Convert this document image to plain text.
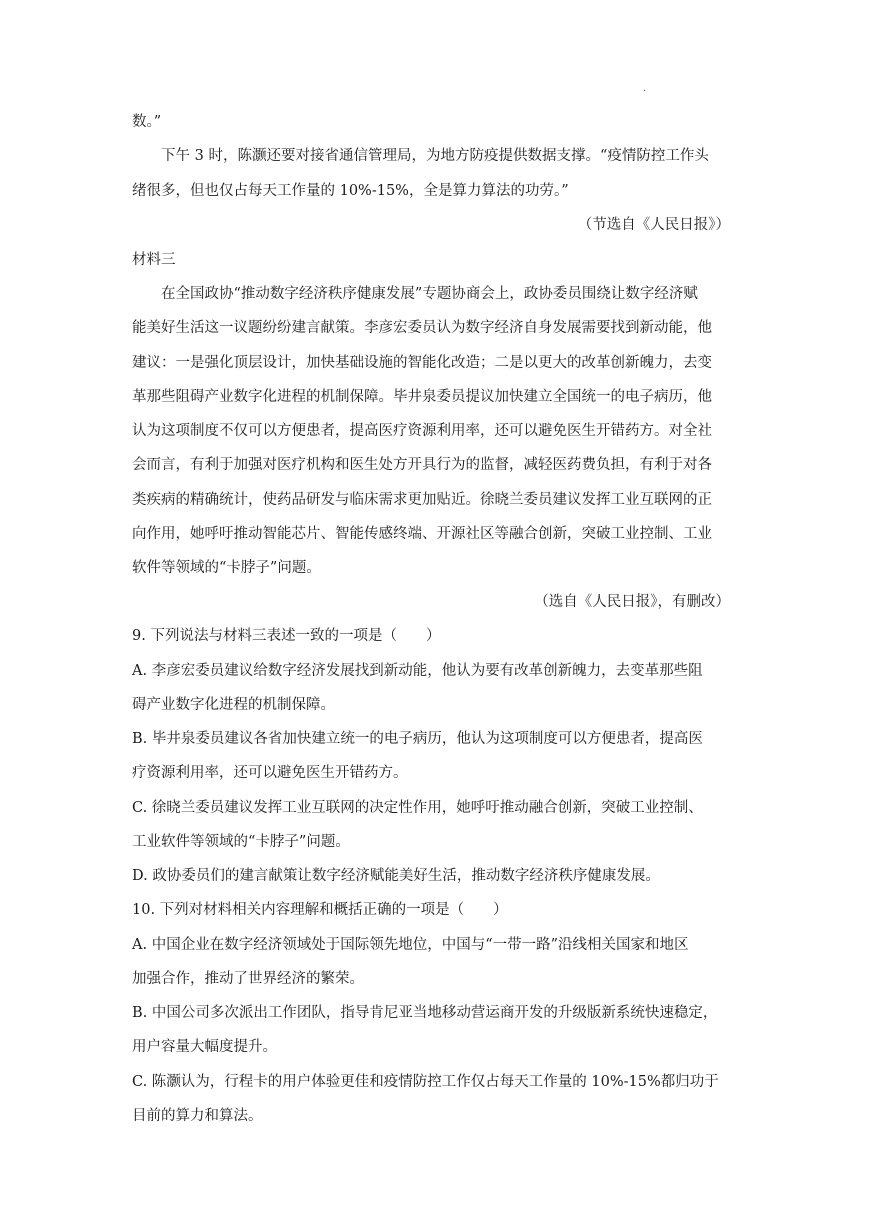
.
数。”
下午 3 时，陈灏还要对接省通信管理局，为地方防疫提供数据支撑。“疫情防控工作头
绪很多，但也仅占每天工作量的 10%-15%，全是算力算法的功劳。”
（节选自《人民日报》）
材料三
在全国政协“推动数字经济秩序健康发展”专题协商会上，政协委员围绕让数字经济赋
能美好生活这一议题纷纷建言献策。李彦宏委员认为数字经济自身发展需要找到新动能，他
建议：一是强化顶层设计，加快基础设施的智能化改造；二是以更大的改革创新魄力，去变
革那些阻碍产业数字化进程的机制保障。毕井泉委员提议加快建立全国统一的电子病历，他
认为这项制度不仅可以方便患者，提高医疗资源利用率，还可以避免医生开错药方。对全社
会而言，有利于加强对医疗机构和医生处方开具行为的监督，减轻医药费负担，有利于对各
类疾病的精确统计，使药品研发与临床需求更加贴近。徐晓兰委员建议发挥工业互联网的正
向作用，她呼吁推动智能芯片、智能传感终端、开源社区等融合创新，突破工业控制、工业
软件等领域的“卡脖子”问题。
（选自《人民日报》，有删改）
9. 下列说法与材料三表述一致的一项是（　　）
A. 李彦宏委员建议给数字经济发展找到新动能，他认为要有改革创新魄力，去变革那些阻
碍产业数字化进程的机制保障。
B. 毕井泉委员建议各省加快建立统一的电子病历，他认为这项制度可以方便患者，提高医
疗资源利用率，还可以避免医生开错药方。
C. 徐晓兰委员建议发挥工业互联网的决定性作用，她呼吁推动融合创新，突破工业控制、
工业软件等领域的“卡脖子”问题。
D. 政协委员们的建言献策让数字经济赋能美好生活，推动数字经济秩序健康发展。
10. 下列对材料相关内容理解和概括正确的一项是（　　）
A. 中国企业在数字经济领域处于国际领先地位，中国与“一带一路”沿线相关国家和地区
加强合作，推动了世界经济的繁荣。
B. 中国公司多次派出工作团队，指导肯尼亚当地移动营运商开发的升级版新系统快速稳定，
用户容量大幅度提升。
C. 陈灏认为，行程卡的用户体验更佳和疫情防控工作仅占每天工作量的 10%-15%都归功于
目前的算力和算法。
